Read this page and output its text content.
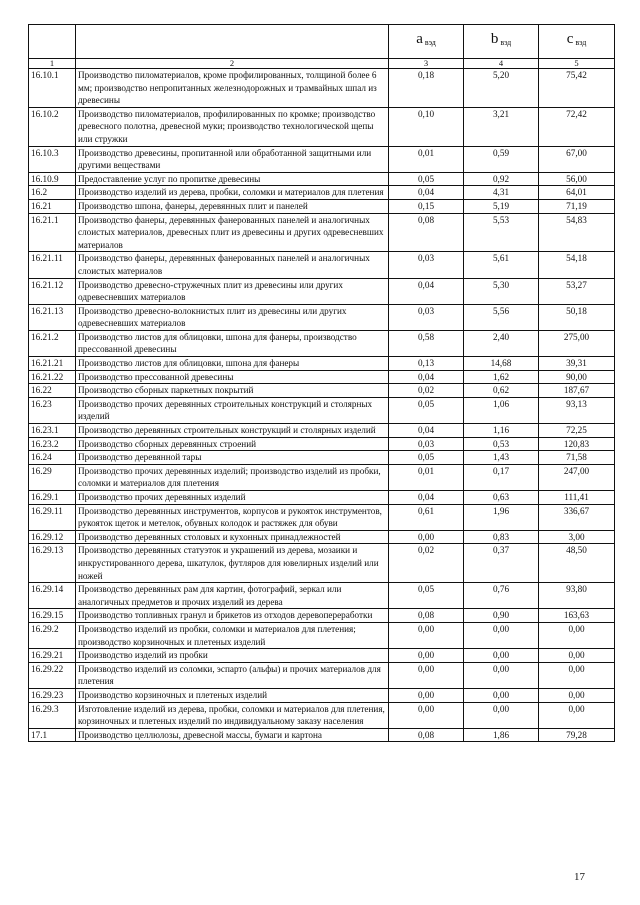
		a $_{вэд}$	b $_{вэд}$	c $_{вэд}$
1	2	3	4	5
16.10.1	Производство пиломатериалов, кроме профилированных, толщиной более 6 мм; производство непропитанных железнодорожных и трамвайных шпал из древесины	0,18	5,20	75,42
16.10.2	Производство пиломатериалов, профилированных по кромке; производство древесного полотна, древесной муки; производство технологической щепы или стружки	0,10	3,21	72,42
16.10.3	Производство древесины, пропитанной или обработанной защитными или другими веществами	0,01	0,59	67,00
16.10.9	Предоставление услуг по пропитке древесины	0,05	0,92	56,00
16.2	Производство изделий из дерева, пробки, соломки и материалов для плетения	0,04	4,31	64,01
16.21	Производство шпона, фанеры, деревянных плит и панелей	0,15	5,19	71,19
16.21.1	Производство фанеры, деревянных фанерованных панелей и аналогичных слоистых материалов, древесных плит из древесины и других одревесневших материалов	0,08	5,53	54,83
16.21.11	Производство фанеры, деревянных фанерованных панелей и аналогичных слоистых материалов	0,03	5,61	54,18
16.21.12	Производство древесно-стружечных плит из древесины или других одревесневших материалов	0,04	5,30	53,27
16.21.13	Производство древесно-волокнистых плит из древесины или других одревесневших материалов	0,03	5,56	50,18
16.21.2	Производство листов для облицовки, шпона для фанеры, производство прессованной древесины	0,58	2,40	275,00
16.21.21	Производство листов для облицовки, шпона для фанеры	0,13	14,68	39,31
16.21.22	Производство прессованной древесины	0,04	1,62	90,00
16.22	Производство сборных паркетных покрытий	0,02	0,62	187,67
16.23	Производство прочих деревянных строительных конструкций и столярных изделий	0,05	1,06	93,13
16.23.1	Производство деревянных строительных конструкций и столярных изделий	0,04	1,16	72,25
16.23.2	Производство сборных деревянных строений	0,03	0,53	120,83
16.24	Производство деревянной тары	0,05	1,43	71,58
16.29	Производство прочих деревянных изделий; производство изделий из пробки, соломки и материалов для плетения	0,01	0,17	247,00
16.29.1	Производство прочих деревянных изделий	0,04	0,63	111,41
16.29.11	Производство деревянных инструментов, корпусов и рукояток инструментов, рукояток щеток и метелок, обувных колодок и растяжек для обуви	0,61	1,96	336,67
16.29.12	Производство деревянных столовых и кухонных принадлежностей	0,00	0,83	3,00
16.29.13	Производство деревянных статуэток и украшений из дерева, мозаики и инкрустированного дерева, шкатулок, футляров для ювелирных изделий или ножей	0,02	0,37	48,50
16.29.14	Производство деревянных рам для картин, фотографий, зеркал или аналогичных предметов и прочих изделий из дерева	0,05	0,76	93,80
16.29.15	Производство топливных гранул и брикетов из отходов деревопереработки	0,08	0,90	163,63
16.29.2	Производство изделий из пробки, соломки и материалов для плетения; производство корзиночных и плетеных изделий	0,00	0,00	0,00
16.29.21	Производство изделий из пробки	0,00	0,00	0,00
16.29.22	Производство изделий из соломки, эспарто (альфы) и прочих материалов для плетения	0,00	0,00	0,00
16.29.23	Производство корзиночных и плетеных изделий	0,00	0,00	0,00
16.29.3	Изготовление изделий из дерева, пробки, соломки и материалов для плетения, корзиночных и плетеных изделий по индивидуальному заказу населения	0,00	0,00	0,00
17.1	Производство целлюлозы, древесной массы, бумаги и картона	0,08	1,86	79,28
17
